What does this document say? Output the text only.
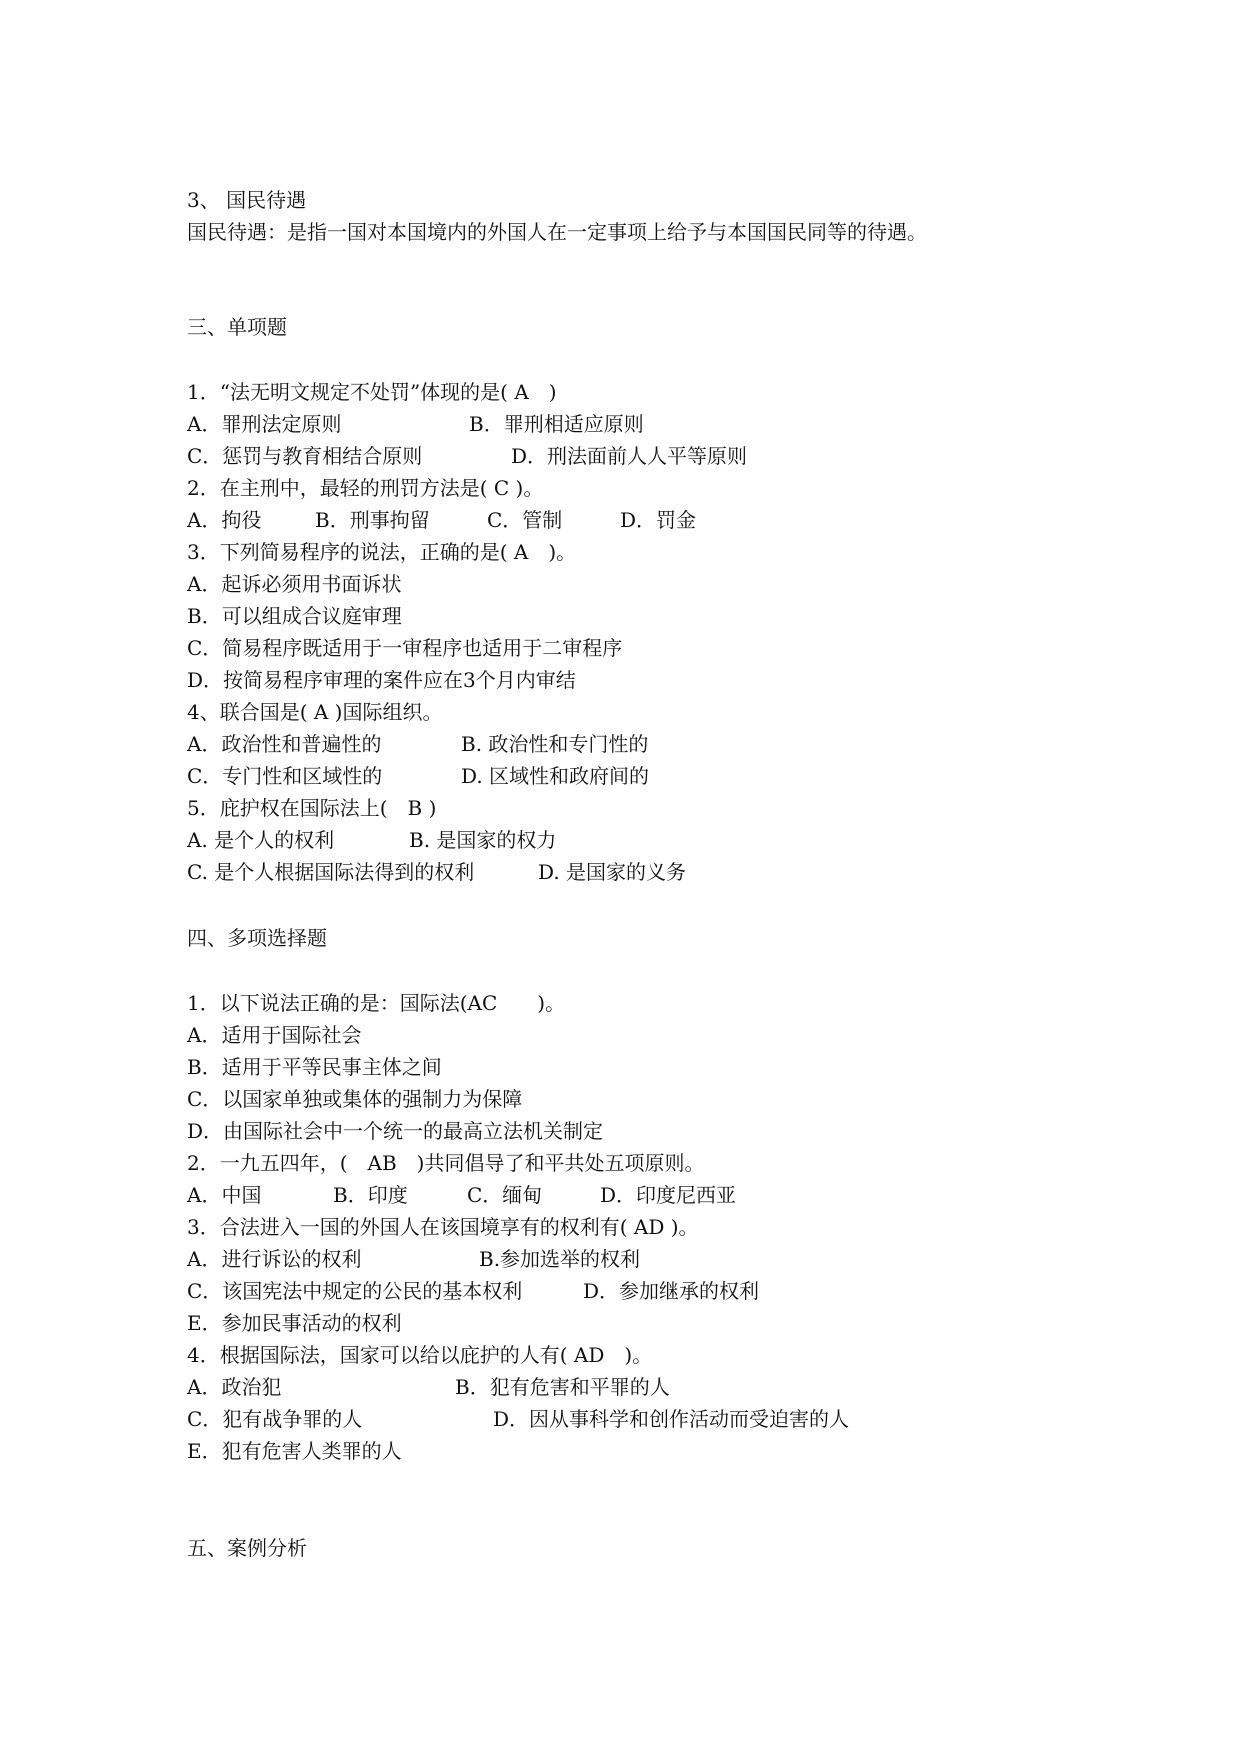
3、 国民待遇

国民待遇：是指一国对本国境内的外国人在一定事项上给予与本国国民同等的待遇。

三、单项题

1．“法无明文规定不处罚”体现的是( A　)

A．罪刑法定原则	B．罪刑相适应原则

C．惩罚与教育相结合原则	D．刑法面前人人平等原则

2．在主刑中，最轻的刑罚方法是( C )。

A．拘役	B．刑事拘留	C．管制	D．罚金

3．下列简易程序的说法，正确的是( A　)。

A．起诉必须用书面诉状

B．可以组成合议庭审理

C．简易程序既适用于一审程序也适用于二审程序

D．按简易程序审理的案件应在3个月内审结

4、联合国是( A )国际组织。

A．政治性和普遍性的	B. 政治性和专门性的

C．专门性和区域性的	D. 区域性和政府间的

5．庇护权在国际法上(　B )

A. 是个人的权利	B. 是国家的权力

C. 是个人根据国际法得到的权利	D. 是国家的义务

四、多项选择题

1．以下说法正确的是：国际法(AC　　)。

A．适用于国际社会

B．适用于平等民事主体之间

C．以国家单独或集体的强制力为保障

D．由国际社会中一个统一的最高立法机关制定

2．一九五四年，(　AB　)共同倡导了和平共处五项原则。

A．中国	B．印度	C．缅甸	D．印度尼西亚

3．合法进入一国的外国人在该国境享有的权利有( AD )。

A．进行诉讼的权利	B.参加选举的权利

C．该国宪法中规定的公民的基本权利	D．参加继承的权利

E．参加民事活动的权利

4．根据国际法，国家可以给以庇护的人有( AD　)。

A．政治犯	B．犯有危害和平罪的人

C．犯有战争罪的人	D．因从事科学和创作活动而受迫害的人

E．犯有危害人类罪的人

五、案例分析
